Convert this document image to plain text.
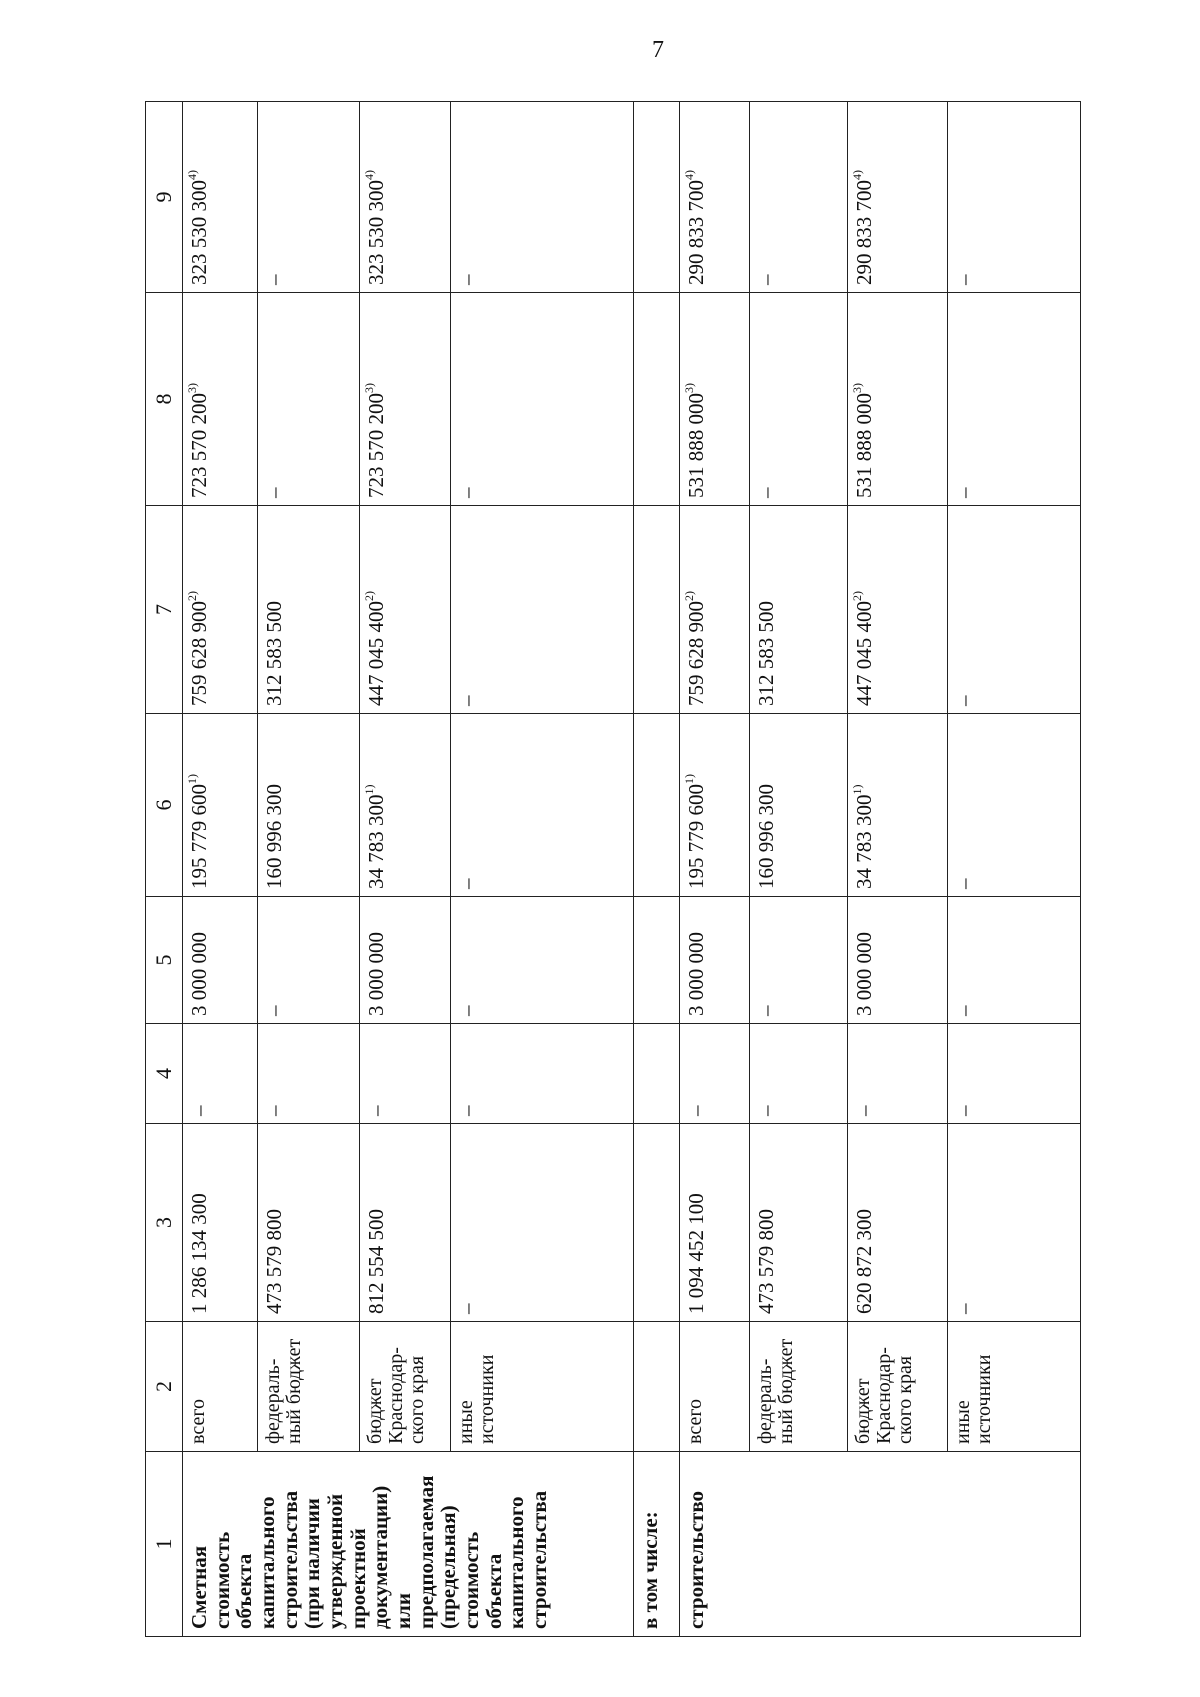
7
1	2	3	4	5	6	7	8	9
Сметная стоимость объекта капитального строительства (при наличии утвержденной проектной документации) или предполагаемая (предельная) стоимость объекта капитального строительства	всего	1 286 134 300	–	3 000 000	195 779 600$^{1)}$	759 628 900$^{2)}$	723 570 200$^{3)}$	323 530 300$^{4)}$
	федераль-ный бюджет	473 579 800	–	–	160 996 300	312 583 500	–	–
	бюджет Краснодар-ского края	812 554 500	–	3 000 000	34 783 300$^{1)}$	447 045 400$^{2)}$	723 570 200$^{3)}$	323 530 300$^{4)}$
	иные источники	–	–	–	–	–	–	–
в том числе:								
строительство	всего	1 094 452 100	–	3 000 000	195 779 600$^{1)}$	759 628 900$^{2)}$	531 888 000$^{3)}$	290 833 700$^{4)}$
	федераль-ный бюджет	473 579 800	–	–	160 996 300	312 583 500	–	–
	бюджет Краснодар-ского края	620 872 300	–	3 000 000	34 783 300$^{1)}$	447 045 400$^{2)}$	531 888 000$^{3)}$	290 833 700$^{4)}$
	иные источники	–	–	–	–	–	–	–
